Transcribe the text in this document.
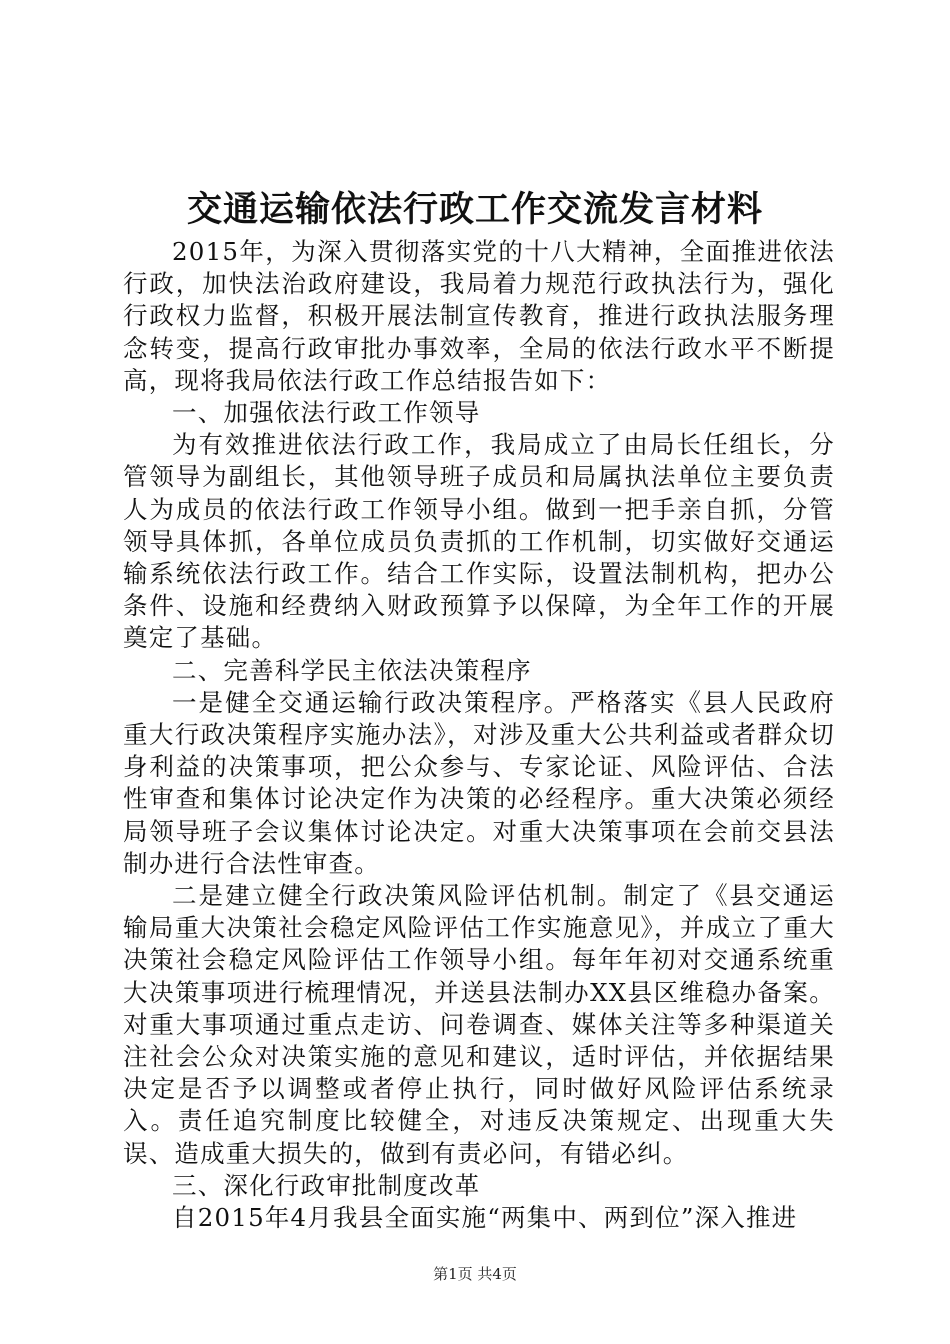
交通运输依法行政工作交流发言材料

2015年，为深入贯彻落实党的十八大精神，全面推进依法行政，加快法治政府建设，我局着力规范行政执法行为，强化行政权力监督，积极开展法制宣传教育，推进行政执法服务理念转变，提高行政审批办事效率，全局的依法行政水平不断提高，现将我局依法行政工作总结报告如下：

一、加强依法行政工作领导

为有效推进依法行政工作，我局成立了由局长任组长，分管领导为副组长，其他领导班子成员和局属执法单位主要负责人为成员的依法行政工作领导小组。做到一把手亲自抓，分管领导具体抓，各单位成员负责抓的工作机制，切实做好交通运输系统依法行政工作。结合工作实际，设置法制机构，把办公条件、设施和经费纳入财政预算予以保障，为全年工作的开展奠定了基础。

二、完善科学民主依法决策程序

一是健全交通运输行政决策程序。严格落实《县人民政府重大行政决策程序实施办法》，对涉及重大公共利益或者群众切身利益的决策事项，把公众参与、专家论证、风险评估、合法性审查和集体讨论决定作为决策的必经程序。重大决策必须经局领导班子会议集体讨论决定。对重大决策事项在会前交县法制办进行合法性审查。

二是建立健全行政决策风险评估机制。制定了《县交通运输局重大决策社会稳定风险评估工作实施意见》，并成立了重大决策社会稳定风险评估工作领导小组。每年年初对交通系统重大决策事项进行梳理情况，并送县法制办XX县区维稳办备案。对重大事项通过重点走访、问卷调查、媒体关注等多种渠道关注社会公众对决策实施的意见和建议，适时评估，并依据结果决定是否予以调整或者停止执行，同时做好风险评估系统录入。责任追究制度比较健全，对违反决策规定、出现重大失误、造成重大损失的，做到有责必问，有错必纠。

三、深化行政审批制度改革

自2015年4月我县全面实施“两集中、两到位”深入推进

第1页 共4页
